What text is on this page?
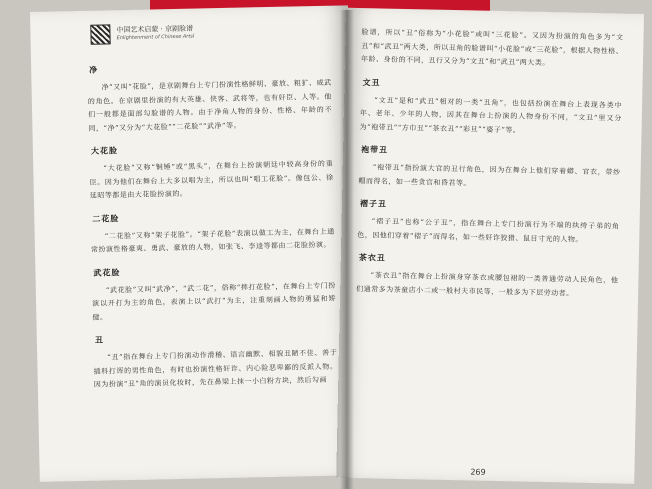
中国艺术启蒙 · 京剧脸谱
Enlightenment of Chinese Artsl
净

净”又叫“花脸”，是京剧舞台上专门扮演性格鲜明、豪放、粗犷、威武的角色。在京剧里扮演的有大英雄、侠客、武将等，也有奸臣、人等。他们一般都是面部勾脸谱的人物。由于净角人物的身份、性格、年龄的不同，“净”又分为“大花脸”“二花脸”“武净”等。

大花脸

“大花脸”又称“铜锤”或“黑头”，在舞台上扮演朝廷中较高身份的重臣。因为他们在舞台上大多以唱为主，所以也叫“唱工花脸”。像包公、徐延昭等都是由大花脸扮演的。

二花脸

“二花脸”又称“架子花脸”。“架子花脸”表演以做工为主，在舞台上通常扮演性格豪爽、勇武、豪放的人物，如张飞、李逵等都由二花脸扮演。

武花脸

“武花脸”又叫“武净”，“武二花”，俗称“摔打花脸”，在舞台上专门扮演以开打为主的角色，表演上以“武打”为主，注重刻画人物的勇猛和矫健。

丑

“丑”指在舞台上专门扮演动作滑稽、语言幽默、相貌丑陋不佳、善于插科打诨的男性角色，有时也扮演性格奸诈、内心险恶卑鄙的反派人物。因为扮演“丑”角的演员化妆时，先在鼻梁上抹一小白粉方块，然后勾画

脸谱，所以“丑”俗称为“小花脸”或叫“三花脸”。又因为扮演的角色多为“文丑”和“武丑”两大类，所以丑角的脸谱叫“小花脸”或“三花脸”，根据人物性格、年龄、身份的不同，丑行又分为“文丑”和“武丑”两大类。

文丑

“文丑”是和“武丑”相对的一类“丑角”，也包括扮演在舞台上表现各类中年、老年、少年的人物，因其在舞台上扮演的人物身份不同，“文丑”里又分为“袍带丑”“方巾丑”“茶衣丑”“彩旦”“婆子”等。

袍带丑

“袍带丑”指扮演大官的丑行角色，因为在舞台上他们穿着蟒、官衣，带纱帽而得名，如一些贪官和昏君等。

褶子丑

“褶子丑”也称“公子丑”，指在舞台上专门扮演行为不端的纨绔子弟的角色，因他们穿着“褶子”而得名，如一些奸诈狡猾、鼠目寸光的人物。

茶衣丑

“茶衣丑”指在舞台上扮演身穿茶衣或腰包裙的一类普通劳动人民角色，他们通常多为茶童店小二或一般村夫市民等，一般多为下层劳动者。

269
